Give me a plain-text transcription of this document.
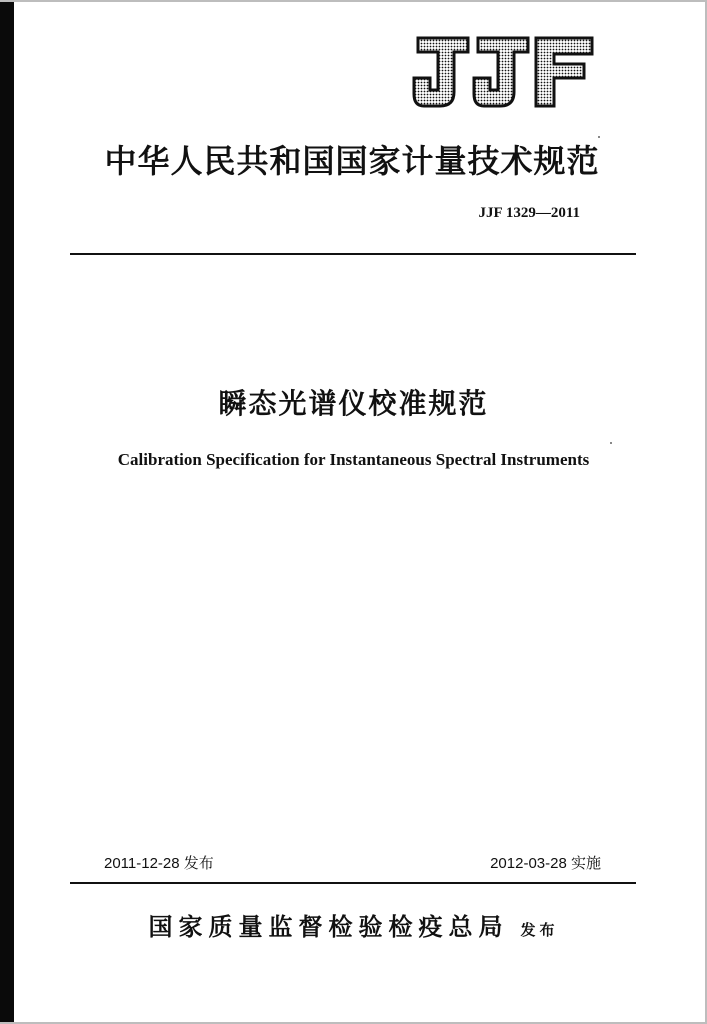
中华人民共和国国家计量技术规范
JJF 1329—2011
瞬态光谱仪校准规范
Calibration Specification for Instantaneous Spectral Instruments
2011-12-28 发布	2012-03-28 实施
国家质量监督检验检疫总局 发布
